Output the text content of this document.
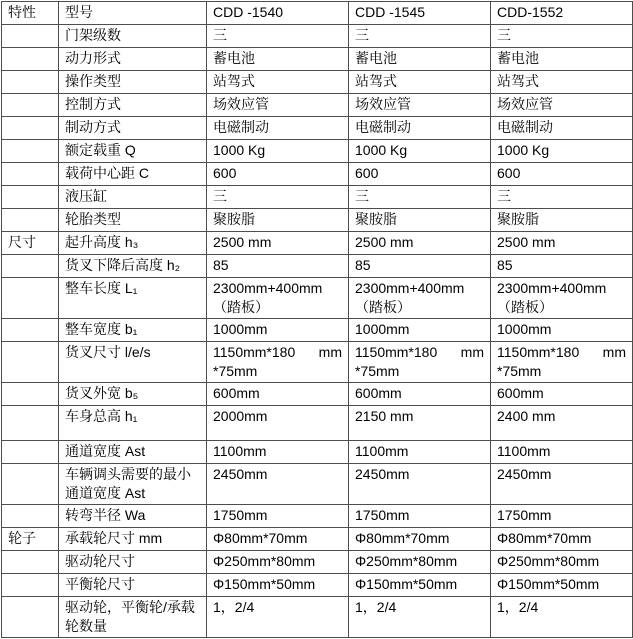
特性	型号	CDD -1540	CDD -1545	CDD-1552
	门架级数	三	三	三
	动力形式	蓄电池	蓄电池	蓄电池
	操作类型	站驾式	站驾式	站驾式
	控制方式	场效应管	场效应管	场效应管
	制动方式	电磁制动	电磁制动	电磁制动
	额定载重 Q	1000 Kg	1000 Kg	1000 Kg
	载荷中心距 C	600	600	600
	液压缸	三	三	三
	轮胎类型	聚胺脂	聚胺脂	聚胺脂
尺寸	起升高度 h₃	2500 mm	2500 mm	2500 mm
	货叉下降后高度 h₂	85	85	85
	整车长度 L₁	2300mm+400mm（踏板）	2300mm+400mm（踏板）	2300mm+400mm（踏板）
	整车宽度 b₁	1000mm	1000mm	1000mm
	货叉尺寸 l/e/s	1150mm*180 mm *75mm	1150mm*180 mm *75mm	1150mm*180 mm *75mm
	货叉外宽 b₅	600mm	600mm	600mm
	车身总高 h₁	2000mm	2150 mm	2400 mm
	通道宽度 Ast	1100mm	1100mm	1100mm
	车辆调头需要的最小通道宽度 Ast	2450mm	2450mm	2450mm
	转弯半径 Wa	1750mm	1750mm	1750mm
轮子	承载轮尺寸 mm	Φ80mm*70mm	Φ80mm*70mm	Φ80mm*70mm
	驱动轮尺寸	Φ250mm*80mm	Φ250mm*80mm	Φ250mm*80mm
	平衡轮尺寸	Φ150mm*50mm	Φ150mm*50mm	Φ150mm*50mm
	驱动轮，平衡轮/承载轮数量	1，2/4	1，2/4	1，2/4
